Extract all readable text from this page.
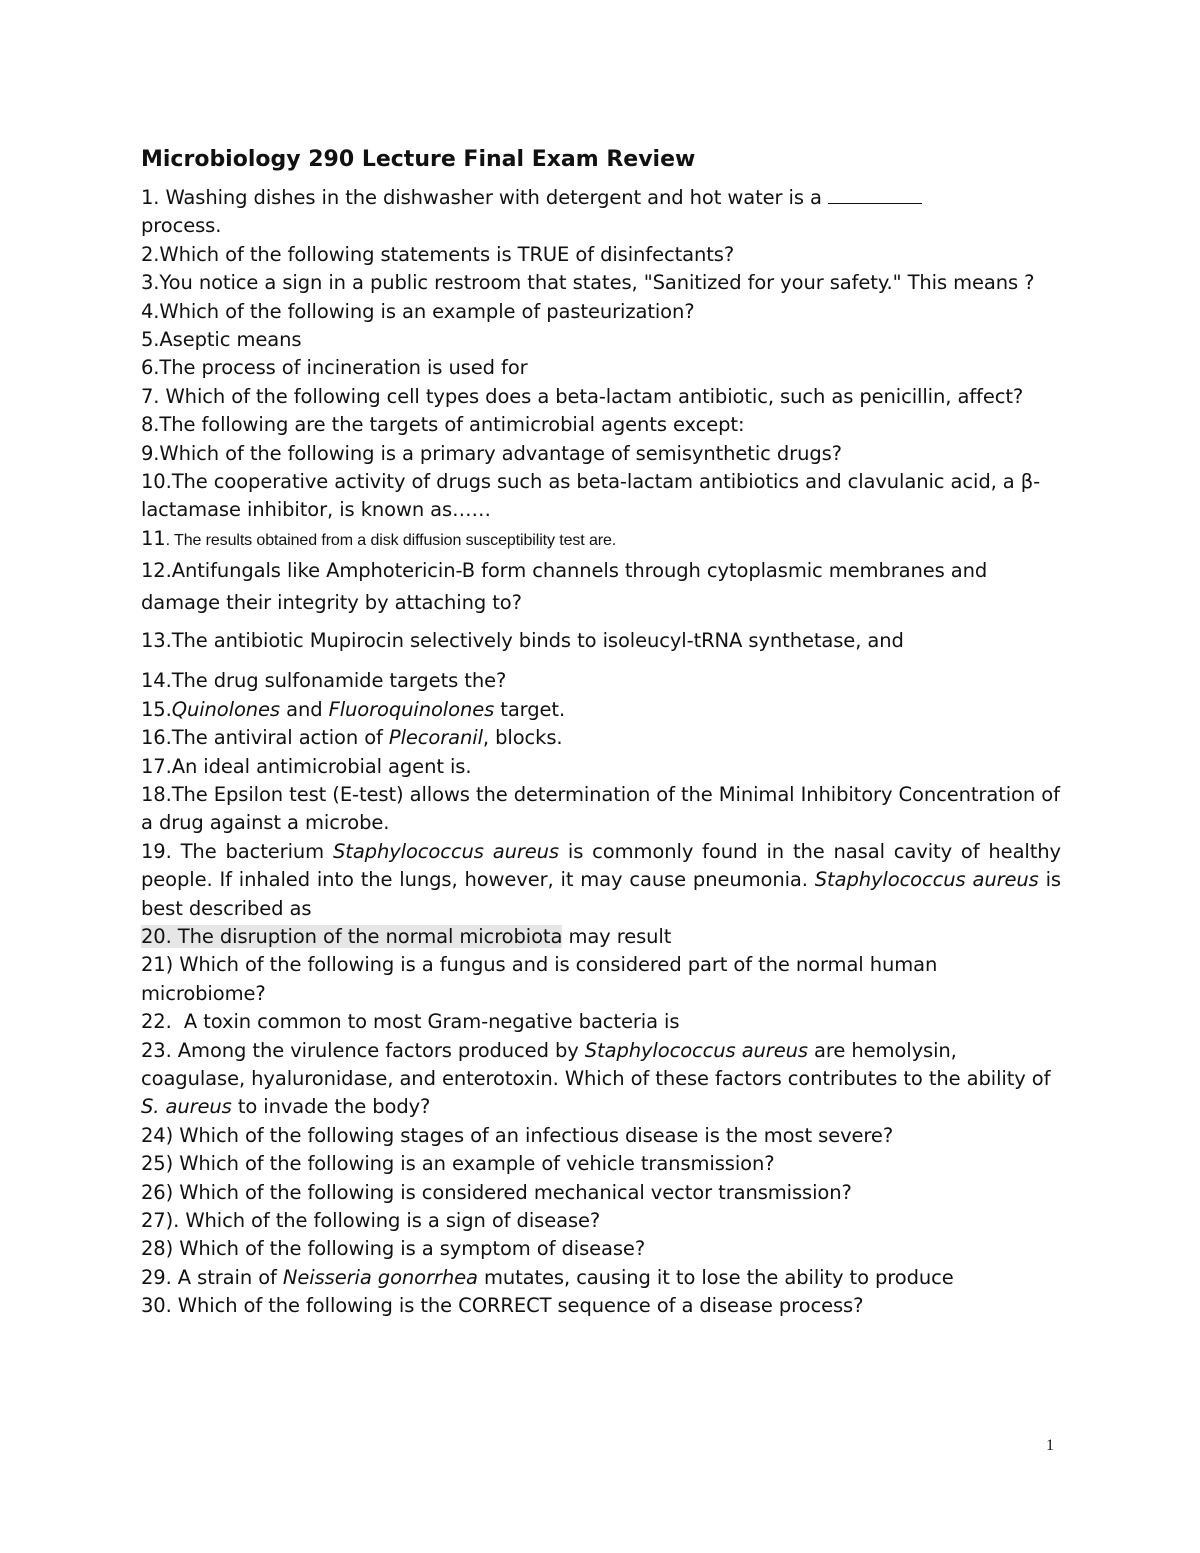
Microbiology 290 Lecture Final Exam Review

1. Washing dishes in the dishwasher with detergent and hot water is a
process.

2.Which of the following statements is TRUE of disinfectants?

3.You notice a sign in a public restroom that states, "Sanitized for your safety." This means ?

4.Which of the following is an example of pasteurization?

5.Aseptic means

6.The process of incineration is used for

7. Which of the following cell types does a beta-lactam antibiotic, such as penicillin, affect?

8.The following are the targets of antimicrobial agents except:

9.Which of the following is a primary advantage of semisynthetic drugs?

10.The cooperative activity of drugs such as beta-lactam antibiotics and clavulanic acid, a β-lactamase inhibitor, is known as……

11. The results obtained from a disk diffusion susceptibility test are.

12.Antifungals like Amphotericin-B form channels through cytoplasmic membranes and damage their integrity by attaching to?

13.The antibiotic Mupirocin selectively binds to isoleucyl-tRNA synthetase, and

14.The drug sulfonamide targets the?

15.Quinolones and Fluoroquinolones target.

16.The antiviral action of Plecoranil, blocks.

17.An ideal antimicrobial agent is.

18.The Epsilon test (E-test) allows the determination of the Minimal Inhibitory Concentration of a drug against a microbe.

19. The bacterium Staphylococcus aureus is commonly found in the nasal cavity of healthy people. If inhaled into the lungs, however, it may cause pneumonia. Staphylococcus aureus is best described as

20. The disruption of the normal microbiota may result

21) Which of the following is a fungus and is considered part of the normal human microbiome?

22.  A toxin common to most Gram-negative bacteria is

23. Among the virulence factors produced by Staphylococcus aureus are hemolysin, coagulase, hyaluronidase, and enterotoxin. Which of these factors contributes to the ability of S. aureus to invade the body?

24) Which of the following stages of an infectious disease is the most severe?

25) Which of the following is an example of vehicle transmission?

26) Which of the following is considered mechanical vector transmission?

27). Which of the following is a sign of disease?

28) Which of the following is a symptom of disease?

29. A strain of Neisseria gonorrhea mutates, causing it to lose the ability to produce

30. Which of the following is the CORRECT sequence of a disease process?

1
